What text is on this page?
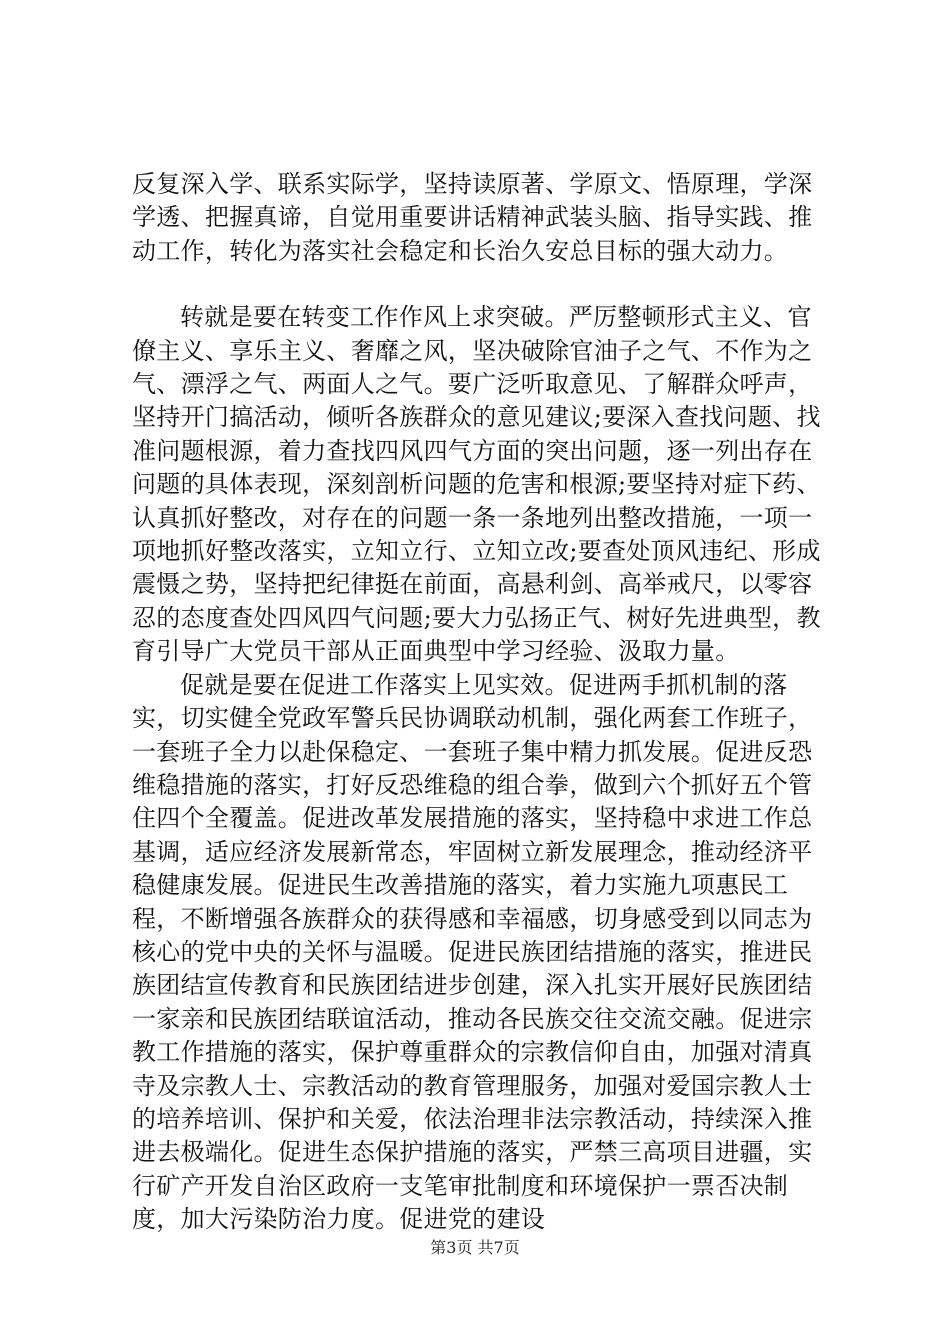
反复深入学、联系实际学，坚持读原著、学原文、悟原理，学深学透、把握真谛，自觉用重要讲话精神武装头脑、指导实践、推动工作，转化为落实社会稳定和长治久安总目标的强大动力。

转就是要在转变工作作风上求突破。严厉整顿形式主义、官僚主义、享乐主义、奢靡之风，坚决破除官油子之气、不作为之气、漂浮之气、两面人之气。要广泛听取意见、了解群众呼声，坚持开门搞活动，倾听各族群众的意见建议;要深入查找问题、找准问题根源，着力查找四风四气方面的突出问题，逐一列出存在问题的具体表现，深刻剖析问题的危害和根源;要坚持对症下药、认真抓好整改，对存在的问题一条一条地列出整改措施，一项一项地抓好整改落实，立知立行、立知立改;要查处顶风违纪、形成震慑之势，坚持把纪律挺在前面，高悬利剑、高举戒尺，以零容忍的态度查处四风四气问题;要大力弘扬正气、树好先进典型，教育引导广大党员干部从正面典型中学习经验、汲取力量。

促就是要在促进工作落实上见实效。促进两手抓机制的落实，切实健全党政军警兵民协调联动机制，强化两套工作班子，一套班子全力以赴保稳定、一套班子集中精力抓发展。促进反恐维稳措施的落实，打好反恐维稳的组合拳，做到六个抓好五个管住四个全覆盖。促进改革发展措施的落实，坚持稳中求进工作总基调，适应经济发展新常态，牢固树立新发展理念，推动经济平稳健康发展。促进民生改善措施的落实，着力实施九项惠民工程，不断增强各族群众的获得感和幸福感，切身感受到以同志为核心的党中央的关怀与温暖。促进民族团结措施的落实，推进民族团结宣传教育和民族团结进步创建，深入扎实开展好民族团结一家亲和民族团结联谊活动，推动各民族交往交流交融。促进宗教工作措施的落实，保护尊重群众的宗教信仰自由，加强对清真寺及宗教人士、宗教活动的教育管理服务，加强对爱国宗教人士的培养培训、保护和关爱，依法治理非法宗教活动，持续深入推进去极端化。促进生态保护措施的落实，严禁三高项目进疆，实行矿产开发自治区政府一支笔审批制度和环境保护一票否决制度，加大污染防治力度。促进党的建设

第3页 共7页
